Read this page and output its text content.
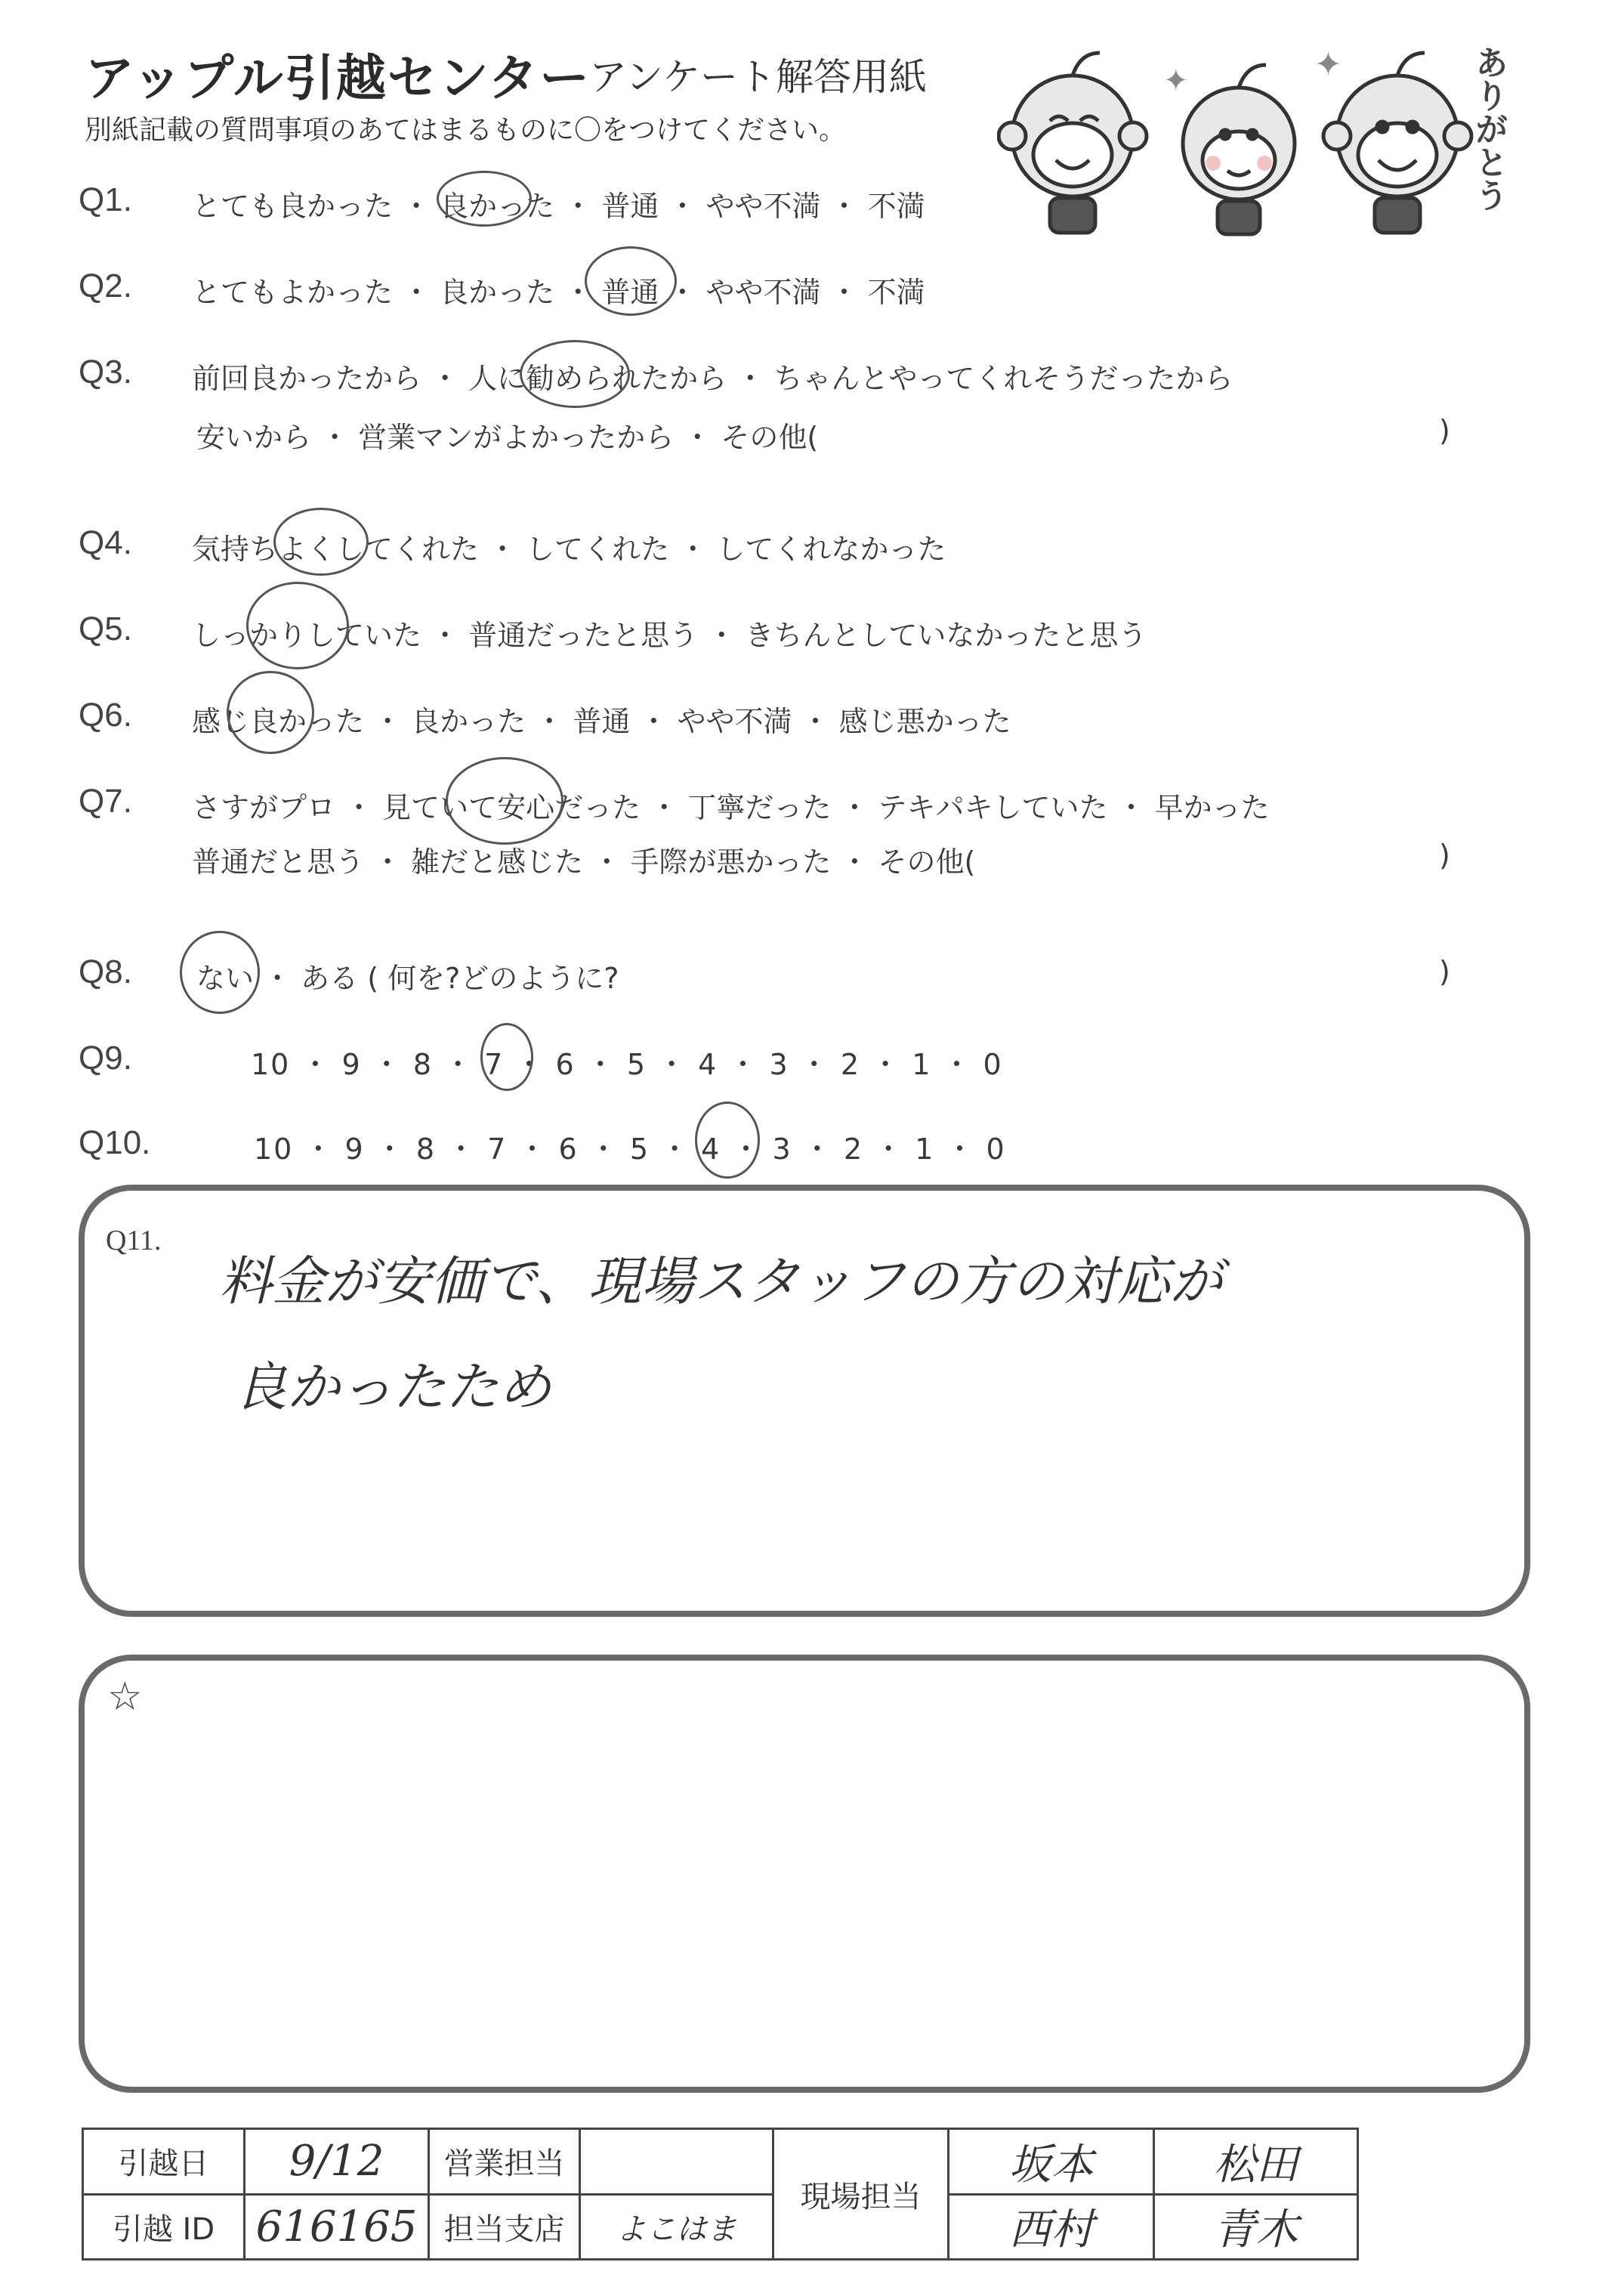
アップル引越センター
アンケート解答用紙
別紙記載の質問事項のあてはまるものに〇をつけてください。
✦
✦	ありがとう
Q1. とても良かった ・ 良かった ・ 普通 ・ やや不満 ・ 不満
Q2. とてもよかった ・ 良かった ・ 普通 ・ やや不満 ・ 不満
Q3. 前回良かったから ・ 人に勧められたから ・ ちゃんとやってくれそうだったから
安いから ・ 営業マンがよかったから ・ その他(	)
Q4. 気持ちよくしてくれた ・ してくれた ・ してくれなかった
Q5. しっかりしていた ・ 普通だったと思う ・ きちんとしていなかったと思う
Q6. 感じ良かった ・ 良かった ・ 普通 ・ やや不満 ・ 感じ悪かった
Q7. さすがプロ ・ 見ていて安心だった ・ 丁寧だった ・ テキパキしていた ・ 早かった
普通だと思う ・ 雑だと感じた ・ 手際が悪かった ・ その他(	)
Q8. ない ・ ある ( 何を?どのように?	)
Q9.	10 ・ 9 ・ 8 ・ 7 ・ 6 ・ 5 ・ 4 ・ 3 ・ 2 ・ 1 ・ 0
Q10.	10 ・ 9 ・ 8 ・ 7 ・ 6 ・ 5 ・ 4 ・ 3 ・ 2 ・ 1 ・ 0
Q11.
料金が安価で、現場スタッフの方の対応が
良かったため
☆
引越日	9/12	営業担当		現場担当	坂本	松田	
引越 ID	616165	担当支店	よこはま		西村	青木	
